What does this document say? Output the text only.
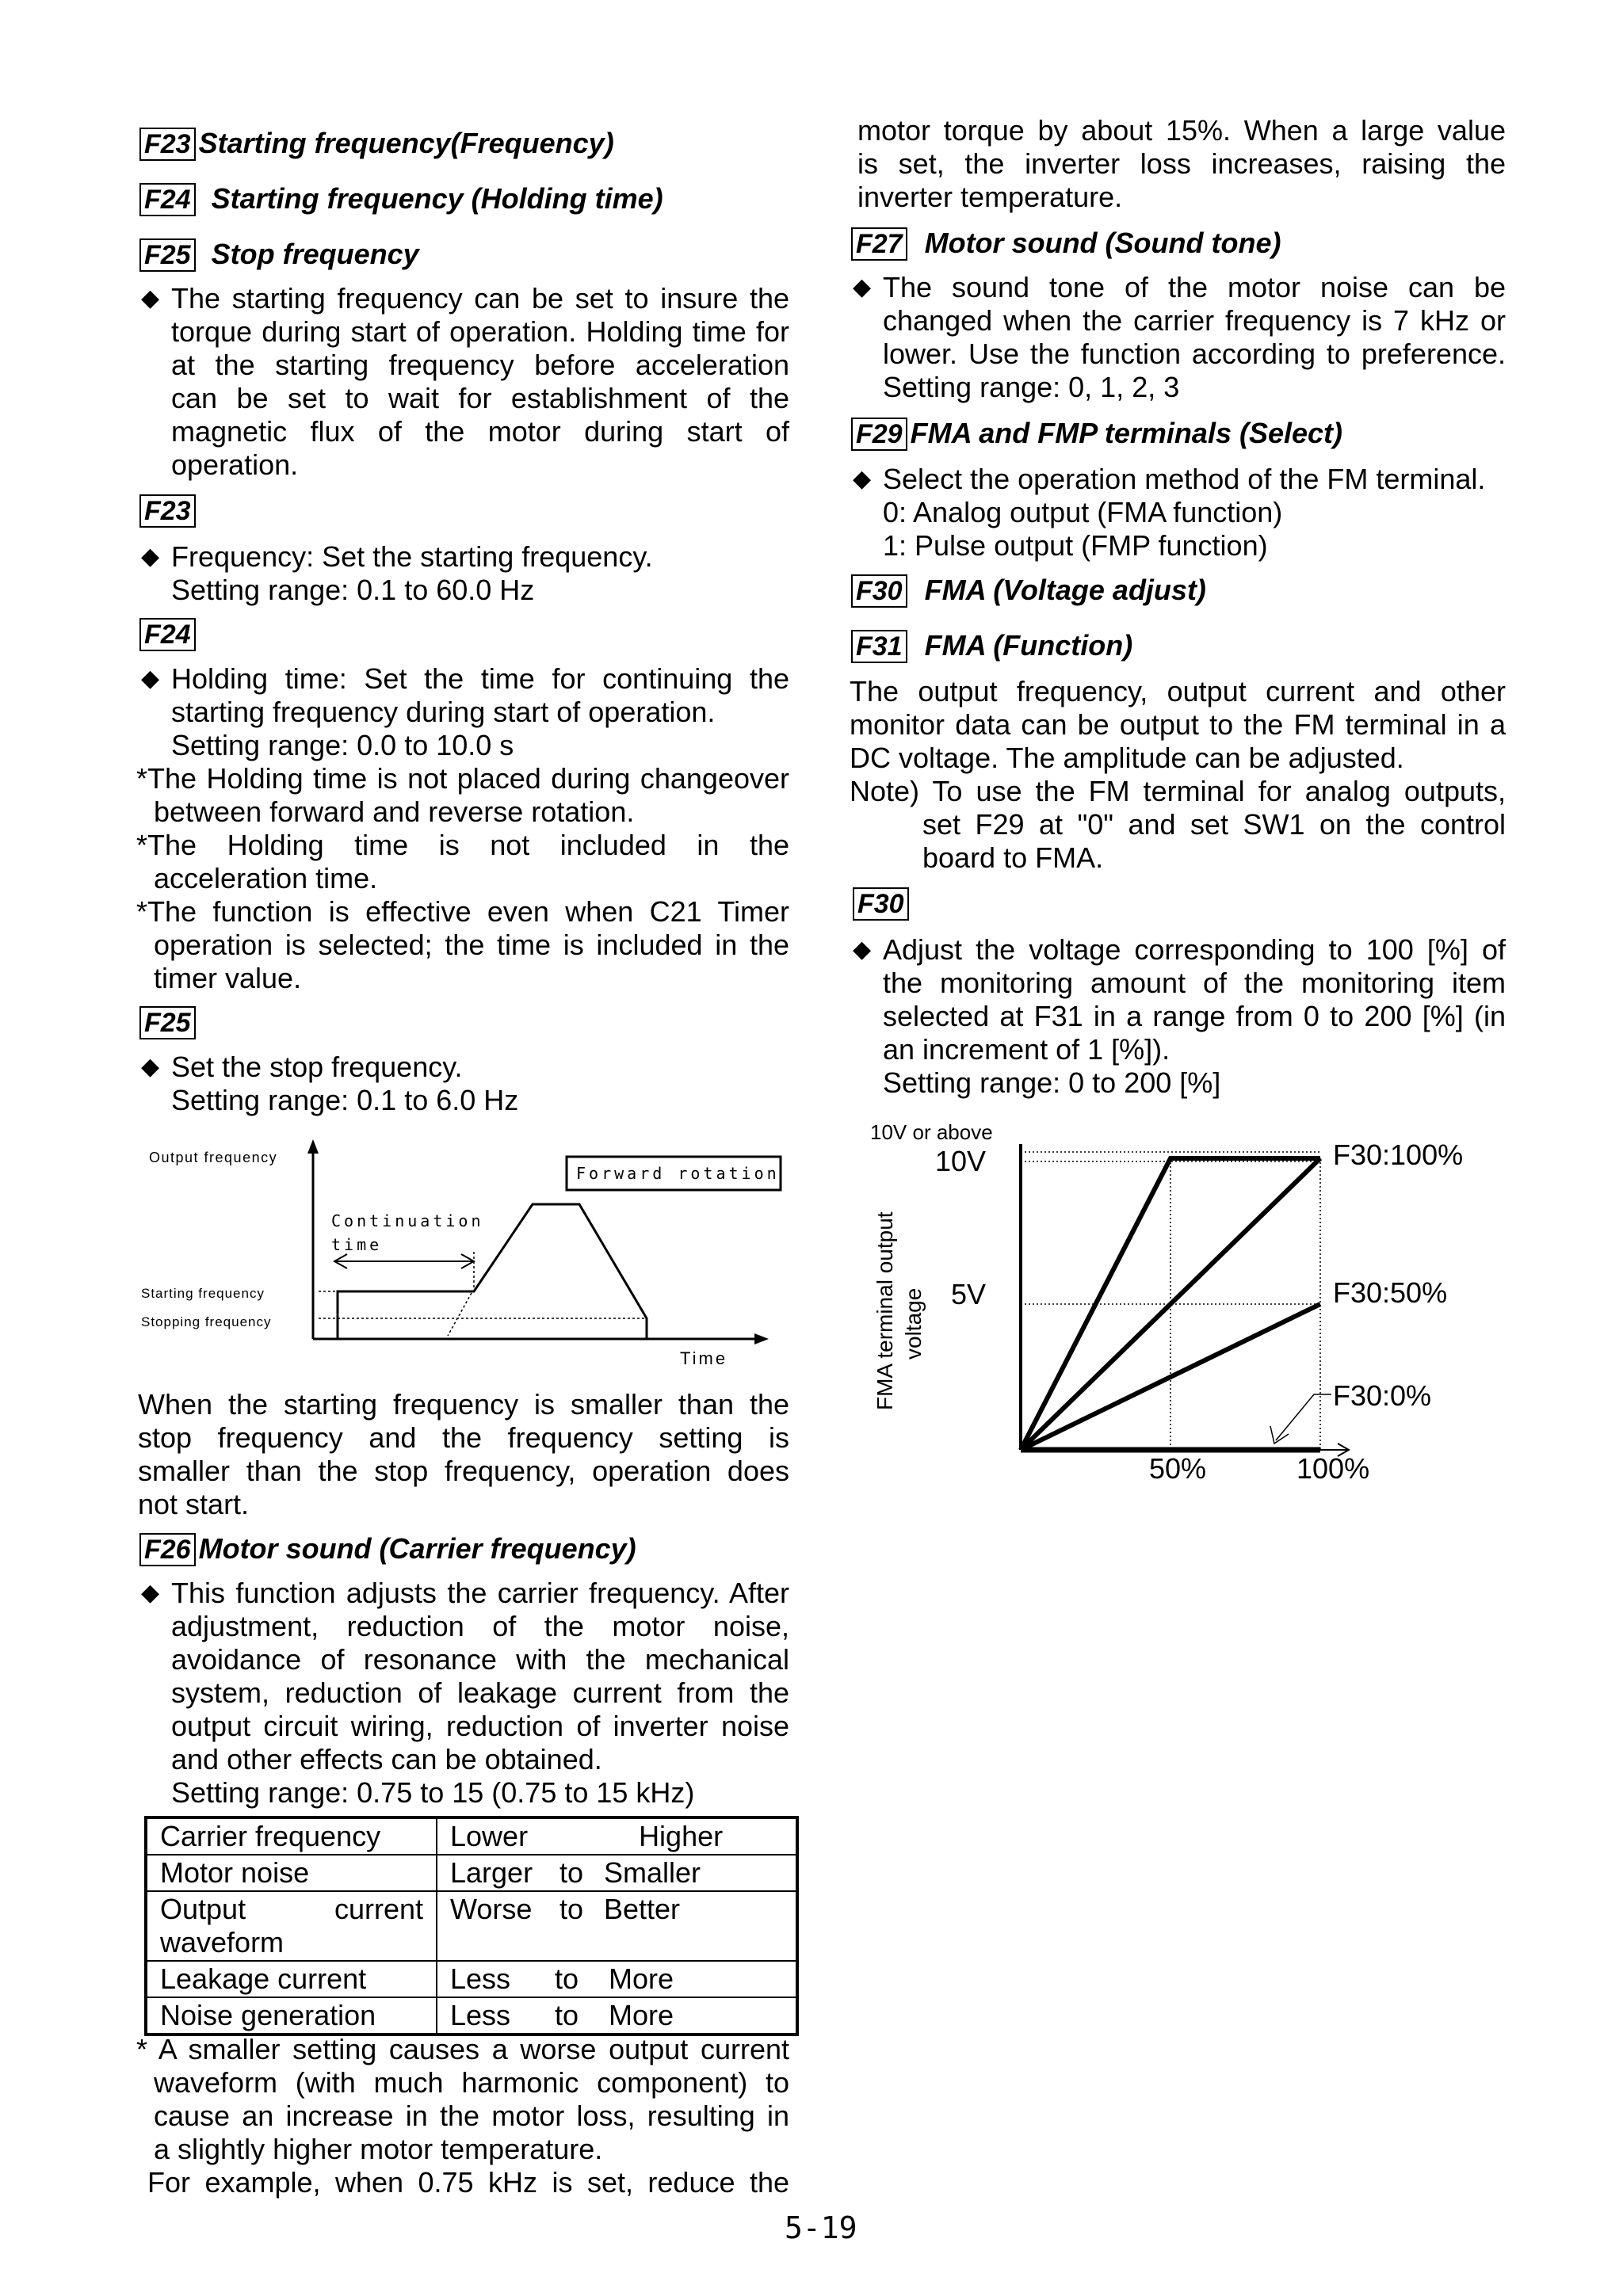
F23 Starting frequency(Frequency)
F24 Starting frequency (Holding time)
F25 Stop frequency
◆ The starting frequency can be set to insure the
torque during start of operation. Holding time for
at the starting frequency before acceleration
can be set to wait for establishment of the
magnetic flux of the motor during start of
operation.
F23
◆ Frequency: Set the starting frequency.
Setting range: 0.1 to 60.0 Hz
F24
◆ Holding time: Set the time for continuing the
starting frequency during start of operation.
Setting range: 0.0 to 10.0 s
*The Holding time is not placed during changeover
between forward and reverse rotation.
*The Holding time is not included in the
acceleration time.
*The function is effective even when C21 Timer
operation is selected; the time is included in the
timer value.
F25
◆ Set the stop frequency.
Setting range: 0.1 to 6.0 Hz
Output frequency
Forward rotation
Continuation
time
Starting frequency
Stopping frequency
Time
When the starting frequency is smaller than the
stop frequency and the frequency setting is
smaller than the stop frequency, operation does
not start.
F26 Motor sound (Carrier frequency)
◆ This function adjusts the carrier frequency. After
adjustment, reduction of the motor noise,
avoidance of resonance with the mechanical
system, reduction of leakage current from the
output circuit wiring, reduction of inverter noise
and other effects can be obtained.
Setting range: 0.75 to 15 (0.75 to 15 kHz)
Carrier frequency	Lower Higher
Motor noise	Larger to Smaller
Output current waveform	Worse to Better
Leakage current	Less to More
Noise generation	Less to More
* A smaller setting causes a worse output current
waveform (with much harmonic component) to
cause an increase in the motor loss, resulting in
a slightly higher motor temperature.
For example, when 0.75 kHz is set, reduce the
motor torque by about 15%. When a large value
is set, the inverter loss increases, raising the
inverter temperature.
F27 Motor sound (Sound tone)
◆ The sound tone of the motor noise can be
changed when the carrier frequency is 7 kHz or
lower. Use the function according to preference.
Setting range: 0, 1, 2, 3
F29 FMA and FMP terminals (Select)
◆ Select the operation method of the FM terminal.
0: Analog output (FMA function)
1: Pulse output (FMP function)
F30 FMA (Voltage adjust)
F31 FMA (Function)
The output frequency, output current and other
monitor data can be output to the FM terminal in a
DC voltage. The amplitude can be adjusted.
Note) To use the FM terminal for analog outputs,
set F29 at "0" and set SW1 on the control
board to FMA.
F30
◆ Adjust the voltage corresponding to 100 [%] of
the monitoring amount of the monitoring item
selected at F31 in a range from 0 to 200 [%] (in
an increment of 1 [%]).
Setting range: 0 to 200 [%]
10V or above
10V
5V
FMA terminal output voltage
F30:100%
F30:50%
F30:0%
50%	100%
5-19
